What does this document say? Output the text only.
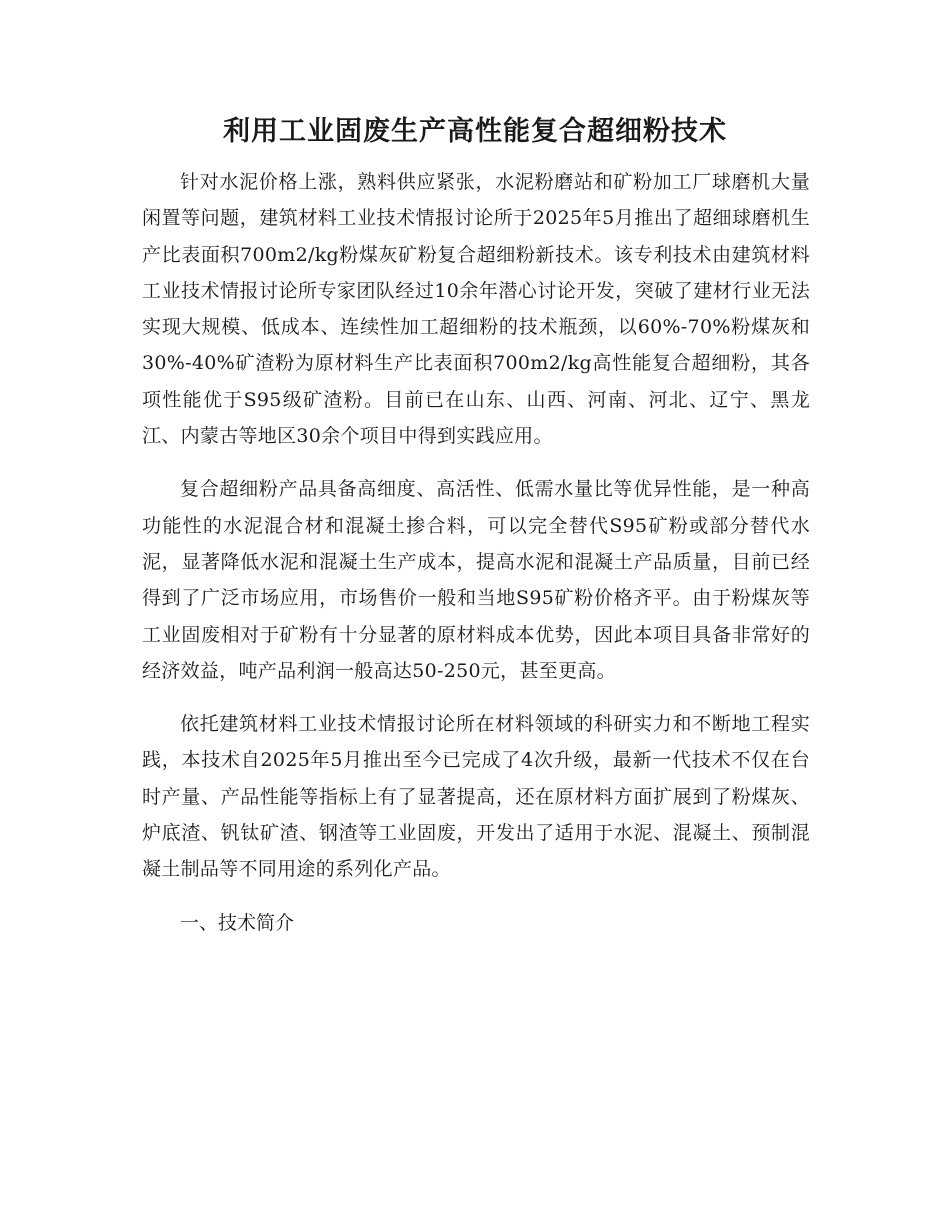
利用工业固废生产高性能复合超细粉技术

针对水泥价格上涨，熟料供应紧张，水泥粉磨站和矿粉加工厂球磨机大量闲置等问题，建筑材料工业技术情报讨论所于2025年5月推出了超细球磨机生产比表面积700m2/kg粉煤灰矿粉复合超细粉新技术。该专利技术由建筑材料工业技术情报讨论所专家团队经过10余年潜心讨论开发，突破了建材行业无法实现大规模、低成本、连续性加工超细粉的技术瓶颈，以60%-70%粉煤灰和30%-40%矿渣粉为原材料生产比表面积700m2/kg高性能复合超细粉，其各项性能优于S95级矿渣粉。目前已在山东、山西、河南、河北、辽宁、黑龙江、内蒙古等地区30余个项目中得到实践应用。

复合超细粉产品具备高细度、高活性、低需水量比等优异性能，是一种高功能性的水泥混合材和混凝土掺合料，可以完全替代S95矿粉或部分替代水泥，显著降低水泥和混凝土生产成本，提高水泥和混凝土产品质量，目前已经得到了广泛市场应用，市场售价一般和当地S95矿粉价格齐平。由于粉煤灰等工业固废相对于矿粉有十分显著的原材料成本优势，因此本项目具备非常好的经济效益，吨产品利润一般高达50-250元，甚至更高。

依托建筑材料工业技术情报讨论所在材料领域的科研实力和不断地工程实践，本技术自2025年5月推出至今已完成了4次升级，最新一代技术不仅在台时产量、产品性能等指标上有了显著提高，还在原材料方面扩展到了粉煤灰、炉底渣、钒钛矿渣、钢渣等工业固废，开发出了适用于水泥、混凝土、预制混凝土制品等不同用途的系列化产品。

一、技术简介
